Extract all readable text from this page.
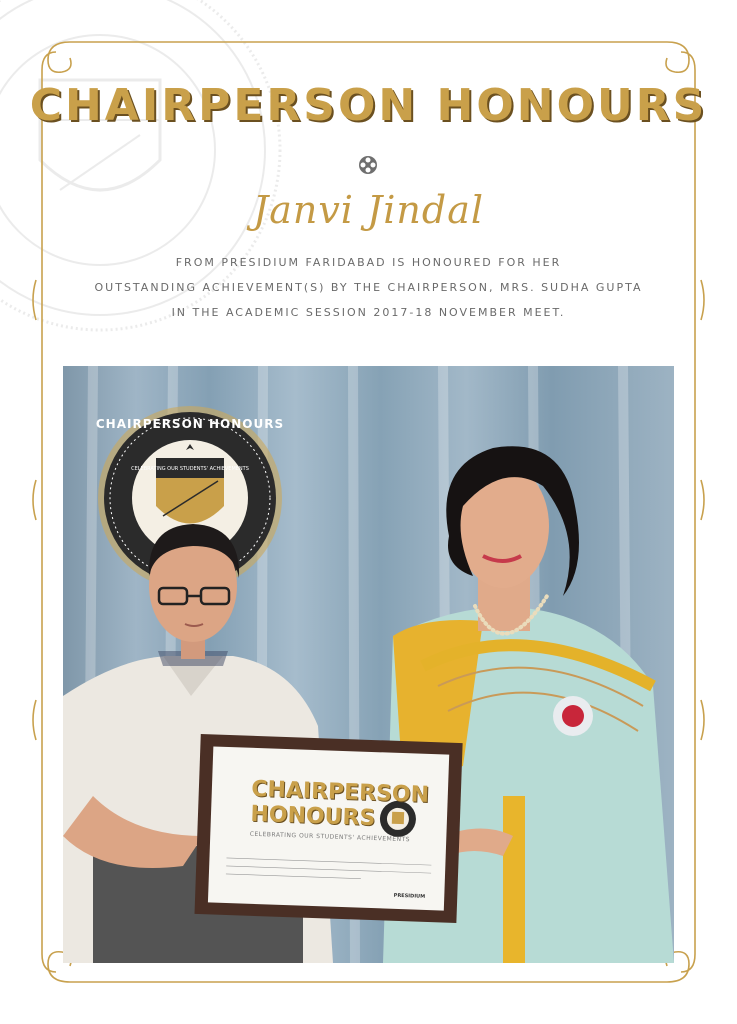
CHAIRPERSON HONOURS
Janvi Jindal
FROM PRESIDIUM FARIDABAD IS HONOURED FOR HER
OUTSTANDING ACHIEVEMENT(S) BY THE CHAIRPERSON, MRS. SUDHA GUPTA
IN THE ACADEMIC SESSION 2017-18 NOVEMBER MEET.
CHAIRPERSON HONOURS
CELEBRATING OUR STUDENTS' ACHIEVEMENTS
CHAIRPERSON HONOURS
CELEBRATING OUR STUDENTS' ACHIEVEMENTS
PRESIDIUM
